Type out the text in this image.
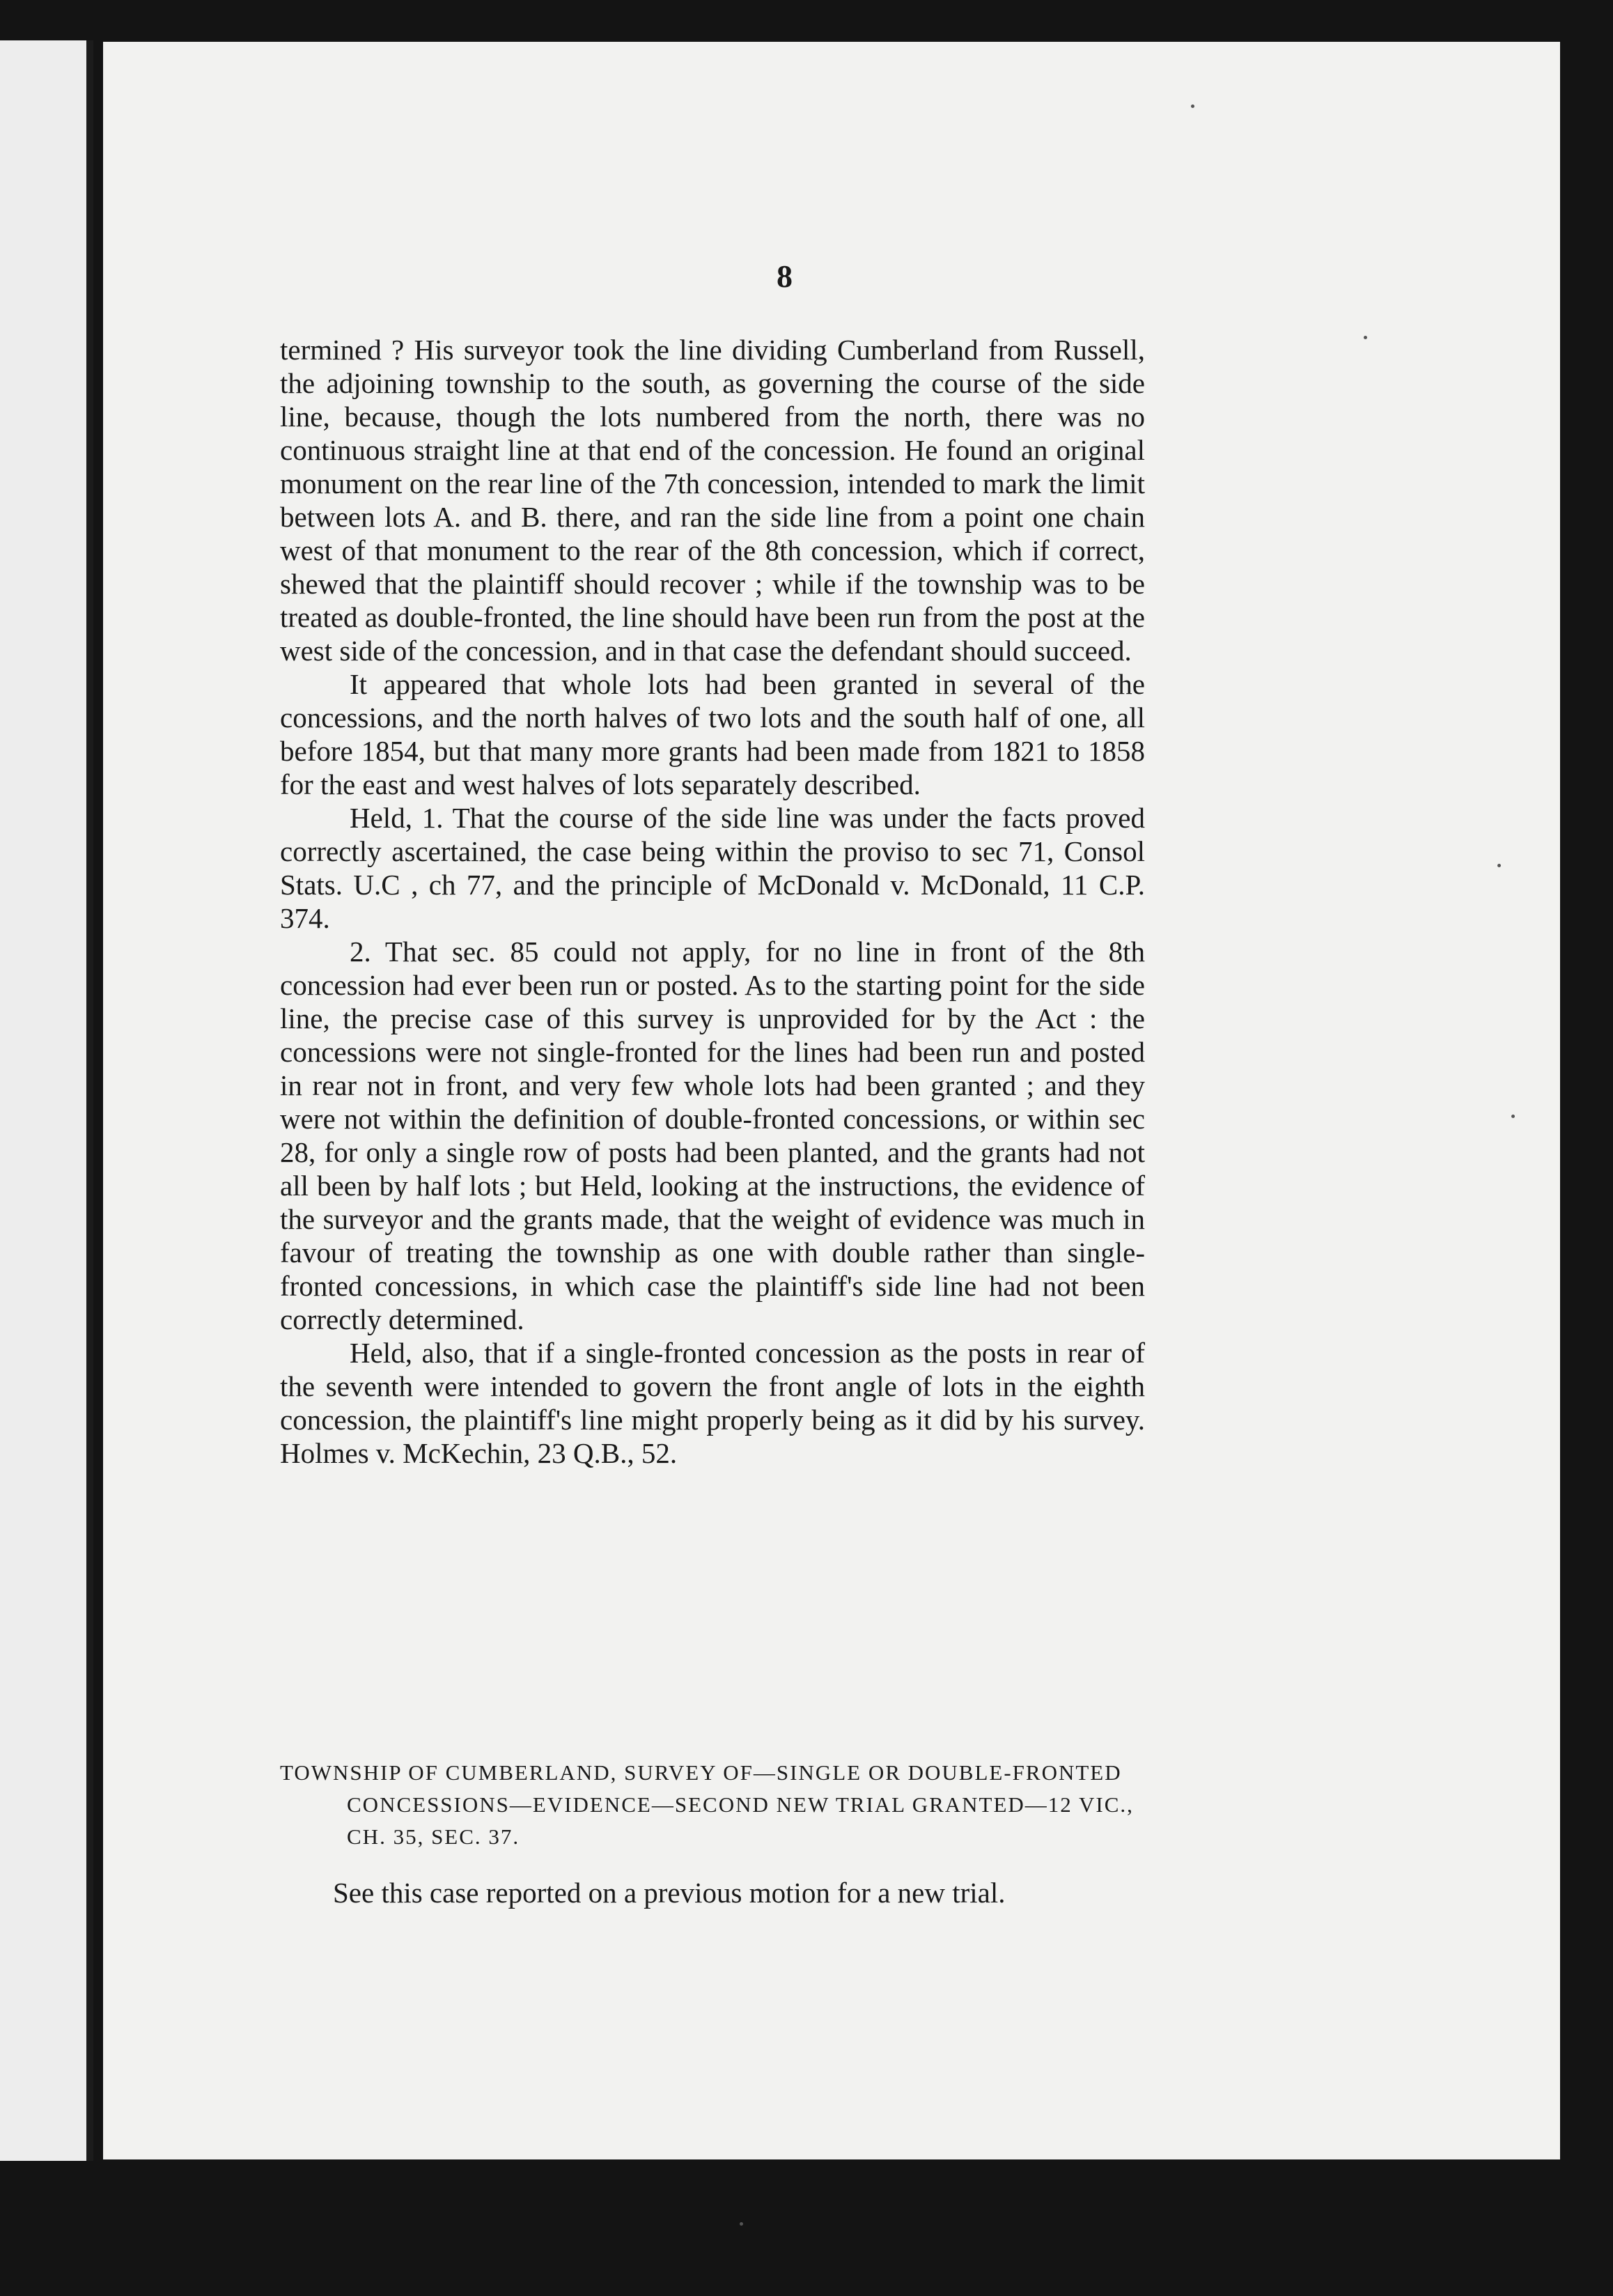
8

termined ? His surveyor took the line dividing Cumberland from Russell, the adjoining township to the south, as governing the course of the side line, because, though the lots numbered from the north, there was no continuous straight line at that end of the concession. He found an original monument on the rear line of the 7th concession, intended to mark the limit between lots A. and B. there, and ran the side line from a point one chain west of that monument to the rear of the 8th concession, which if correct, shewed that the plaintiff should recover ; while if the township was to be treated as double-fronted, the line should have been run from the post at the west side of the concession, and in that case the defendant should succeed.

It appeared that whole lots had been granted in several of the concessions, and the north halves of two lots and the south half of one, all before 1854, but that many more grants had been made from 1821 to 1858 for the east and west halves of lots separately described.

Held, 1. That the course of the side line was under the facts proved correctly ascertained, the case being within the proviso to sec 71, Consol Stats. U.C , ch 77, and the principle of McDonald v. McDonald, 11 C.P. 374.

2. That sec. 85 could not apply, for no line in front of the 8th concession had ever been run or posted. As to the starting point for the side line, the precise case of this survey is unprovided for by the Act : the concessions were not single-fronted for the lines had been run and posted in rear not in front, and very few whole lots had been granted ; and they were not within the definition of double-fronted concessions, or within sec 28, for only a single row of posts had been planted, and the grants had not all been by half lots ; but Held, looking at the instructions, the evidence of the surveyor and the grants made, that the weight of evidence was much in favour of treating the township as one with double rather than single-fronted concessions, in which case the plaintiff's side line had not been correctly determined.

Held, also, that if a single-fronted concession as the posts in rear of the seventh were intended to govern the front angle of lots in the eighth concession, the plaintiff's line might properly being as it did by his survey. Holmes v. McKechin, 23 Q.B., 52.

TOWNSHIP OF CUMBERLAND, SURVEY OF—SINGLE OR DOUBLE-FRONTED CONCESSIONS—EVIDENCE—SECOND NEW TRIAL GRANTED—12 VIC., CH. 35, SEC. 37.

See this case reported on a previous motion for a new trial.
